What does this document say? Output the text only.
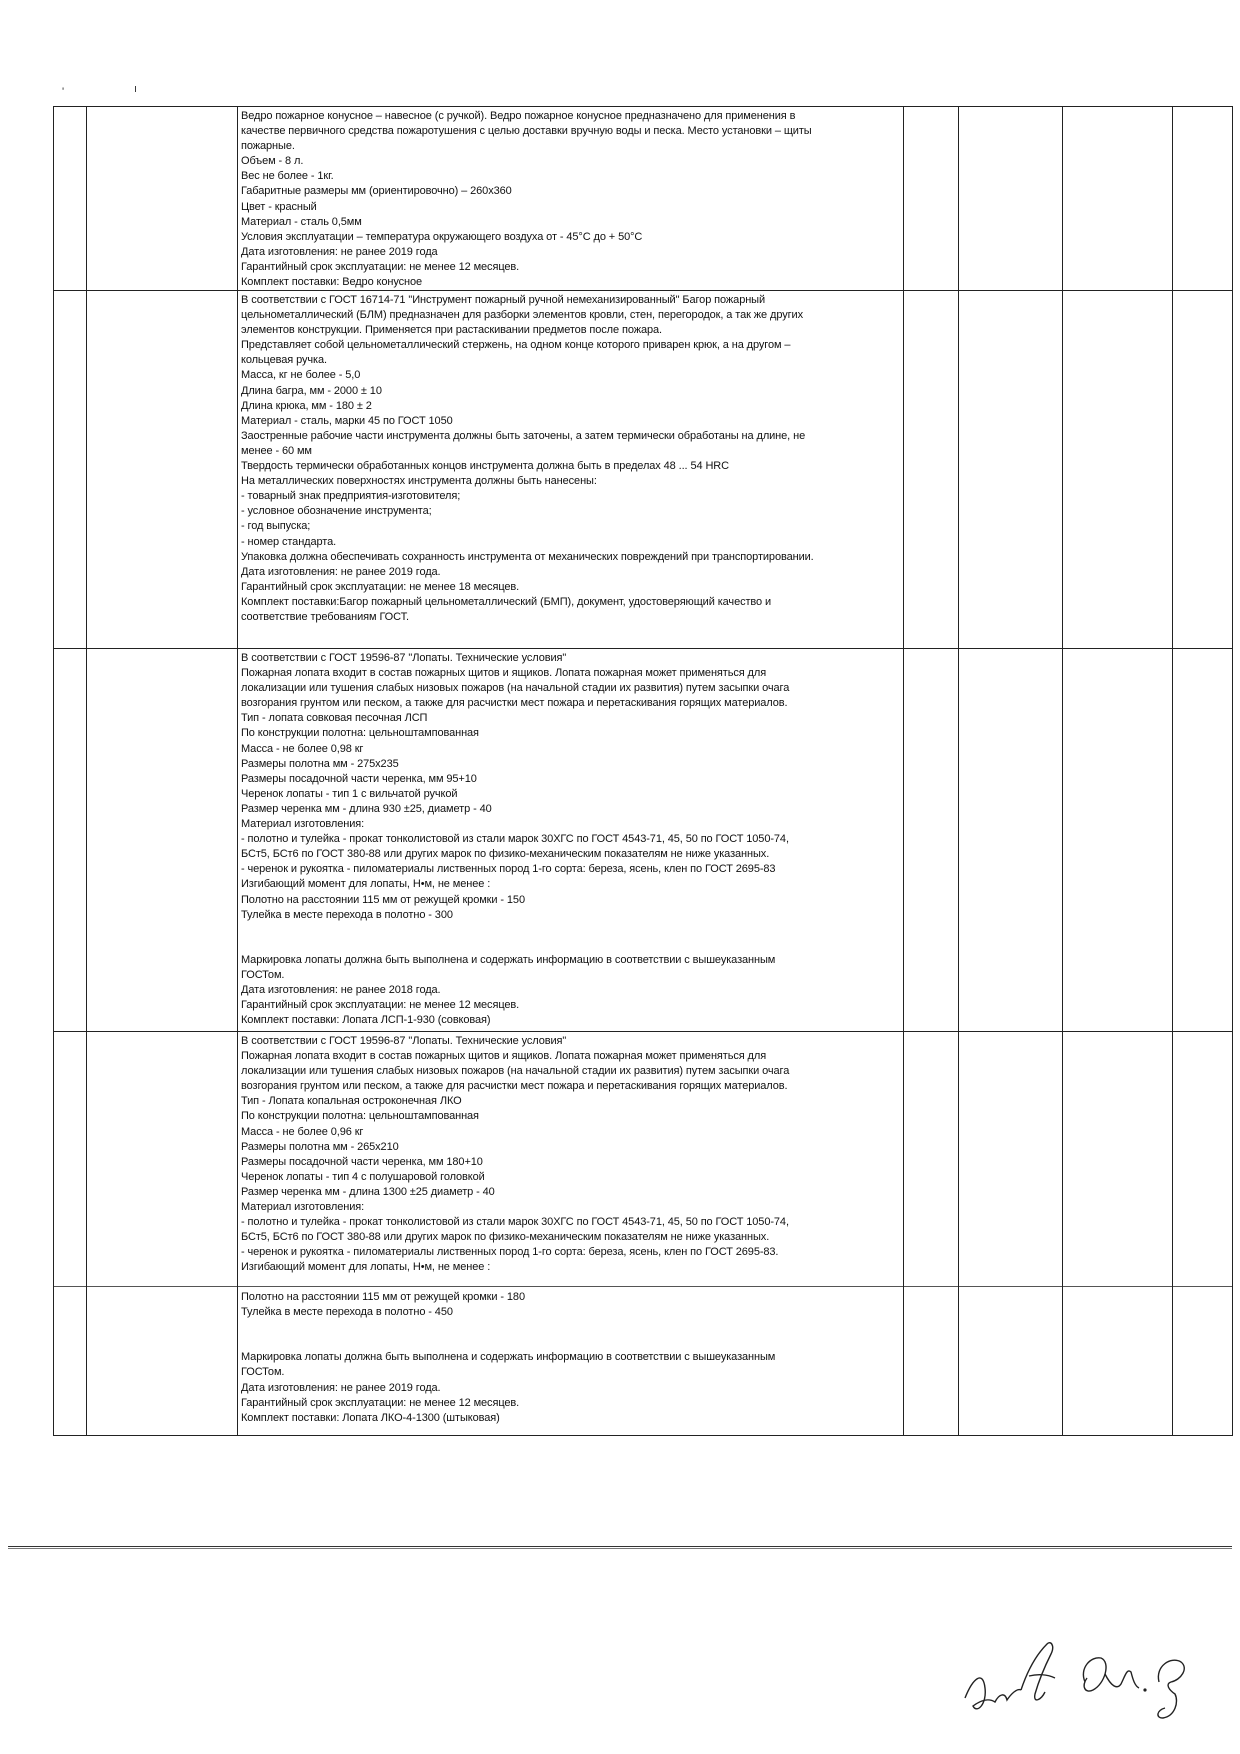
'	ı
Ведро пожарное конусное – навесное (с ручкой). Ведро пожарное конусное предназначено для применения в
качестве первичного средства пожаротушения с целью доставки вручную воды и песка. Место установки – щиты
пожарные.
Объем - 8 л.
Вес не более - 1кг.
Габаритные размеры мм (ориентировочно) – 260х360
Цвет - красный
Материал - сталь 0,5мм
Условия эксплуатации – температура окружающего воздуха от - 45°С до + 50°С
Дата изготовления: не ранее 2019 года
Гарантийный срок эксплуатации: не менее 12 месяцев.
Комплект поставки: Ведро конусное
В соответствии с ГОСТ 16714-71 "Инструмент пожарный ручной немеханизированный" Багор пожарный
цельнометаллический (БЛМ) предназначен для разборки элементов кровли, стен, перегородок, а так же других
элементов конструкции. Применяется при растаскивании предметов после пожара.
Представляет собой цельнометаллический стержень, на одном конце которого приварен крюк, а на другом –
кольцевая ручка.
Масса, кг не более - 5,0
Длина багра, мм - 2000 ± 10
Длина крюка, мм - 180 ± 2
Материал - сталь, марки 45 по ГОСТ 1050
Заостренные рабочие части инструмента должны быть заточены, а затем термически обработаны на длине, не
менее - 60 мм
Твердость термически обработанных концов инструмента должна быть в пределах 48 ... 54 HRC
На металлических поверхностях инструмента должны быть нанесены:
- товарный знак предприятия-изготовителя;
- условное обозначение инструмента;
- год выпуска;
- номер стандарта.
Упаковка должна обеспечивать сохранность инструмента от механических повреждений при транспортировании.
Дата изготовления: не ранее 2019 года.
Гарантийный срок эксплуатации: не менее 18 месяцев.
Комплект поставки:Багор пожарный цельнометаллический (БМП), документ, удостоверяющий качество и
соответствие требованиям ГОСТ.
В соответствии с ГОСТ 19596-87 "Лопаты. Технические условия"
Пожарная лопата входит в состав пожарных щитов и ящиков. Лопата пожарная может применяться для
локализации или тушения слабых низовых пожаров (на начальной стадии их развития) путем засыпки очага
возгорания грунтом или песком, а также для расчистки мест пожара и перетаскивания горящих материалов.
Тип - лопата совковая песочная ЛСП
По конструкции полотна: цельноштампованная
Масса - не более 0,98 кг
Размеры полотна мм - 275х235
Размеры посадочной части черенка, мм 95+10
Черенок лопаты - тип 1 с вильчатой ручкой
Размер черенка мм - длина 930 ±25, диаметр - 40
Материал изготовления:
- полотно и тулейка - прокат тонколистовой из стали марок 30ХГС по ГОСТ 4543-71, 45, 50 по ГОСТ 1050-74,
БСт5, БСт6 по ГОСТ 380-88 или других марок по физико-механическим показателям не ниже указанных.
- черенок и рукоятка - пиломатериалы лиственных пород 1-го сорта: береза, ясень, клен по ГОСТ 2695-83
Изгибающий момент для лопаты, Н•м, не менее :
Полотно на расстоянии 115 мм от режущей кромки - 150
Тулейка в месте перехода в полотно - 300

Маркировка лопаты должна быть выполнена и содержать информацию в соответствии с вышеуказанным
ГОСТом.
Дата изготовления: не ранее 2018 года.
Гарантийный срок эксплуатации: не менее 12 месяцев.
Комплект поставки: Лопата ЛСП-1-930 (совковая)
В соответствии с ГОСТ 19596-87 "Лопаты. Технические условия"
Пожарная лопата входит в состав пожарных щитов и ящиков. Лопата пожарная может применяться для
локализации или тушения слабых низовых пожаров (на начальной стадии их развития) путем засыпки очага
возгорания грунтом или песком, а также для расчистки мест пожара и перетаскивания горящих материалов.
Тип - Лопата копальная остроконечная ЛКО
По конструкции полотна: цельноштампованная
Масса - не более 0,96 кг
Размеры полотна мм - 265х210
Размеры посадочной части черенка, мм 180+10
Черенок лопаты - тип 4 с полушаровой головкой
Размер черенка мм - длина 1300 ±25 диаметр - 40
Материал изготовления:
- полотно и тулейка - прокат тонколистовой из стали марок 30ХГС по ГОСТ 4543-71, 45, 50 по ГОСТ 1050-74,
БСт5, БСт6 по ГОСТ 380-88 или других марок по физико-механическим показателям не ниже указанных.
- черенок и рукоятка - пиломатериалы лиственных пород 1-го сорта: береза, ясень, клен по ГОСТ 2695-83.
Изгибающий момент для лопаты, Н•м, не менее :
Полотно на расстоянии 115 мм от режущей кромки - 180
Тулейка в месте перехода в полотно - 450

Маркировка лопаты должна быть выполнена и содержать информацию в соответствии с вышеуказанным
ГОСТом.
Дата изготовления: не ранее 2019 года.
Гарантийный срок эксплуатации: не менее 12 месяцев.
Комплект поставки: Лопата ЛКО-4-1300 (штыковая)
